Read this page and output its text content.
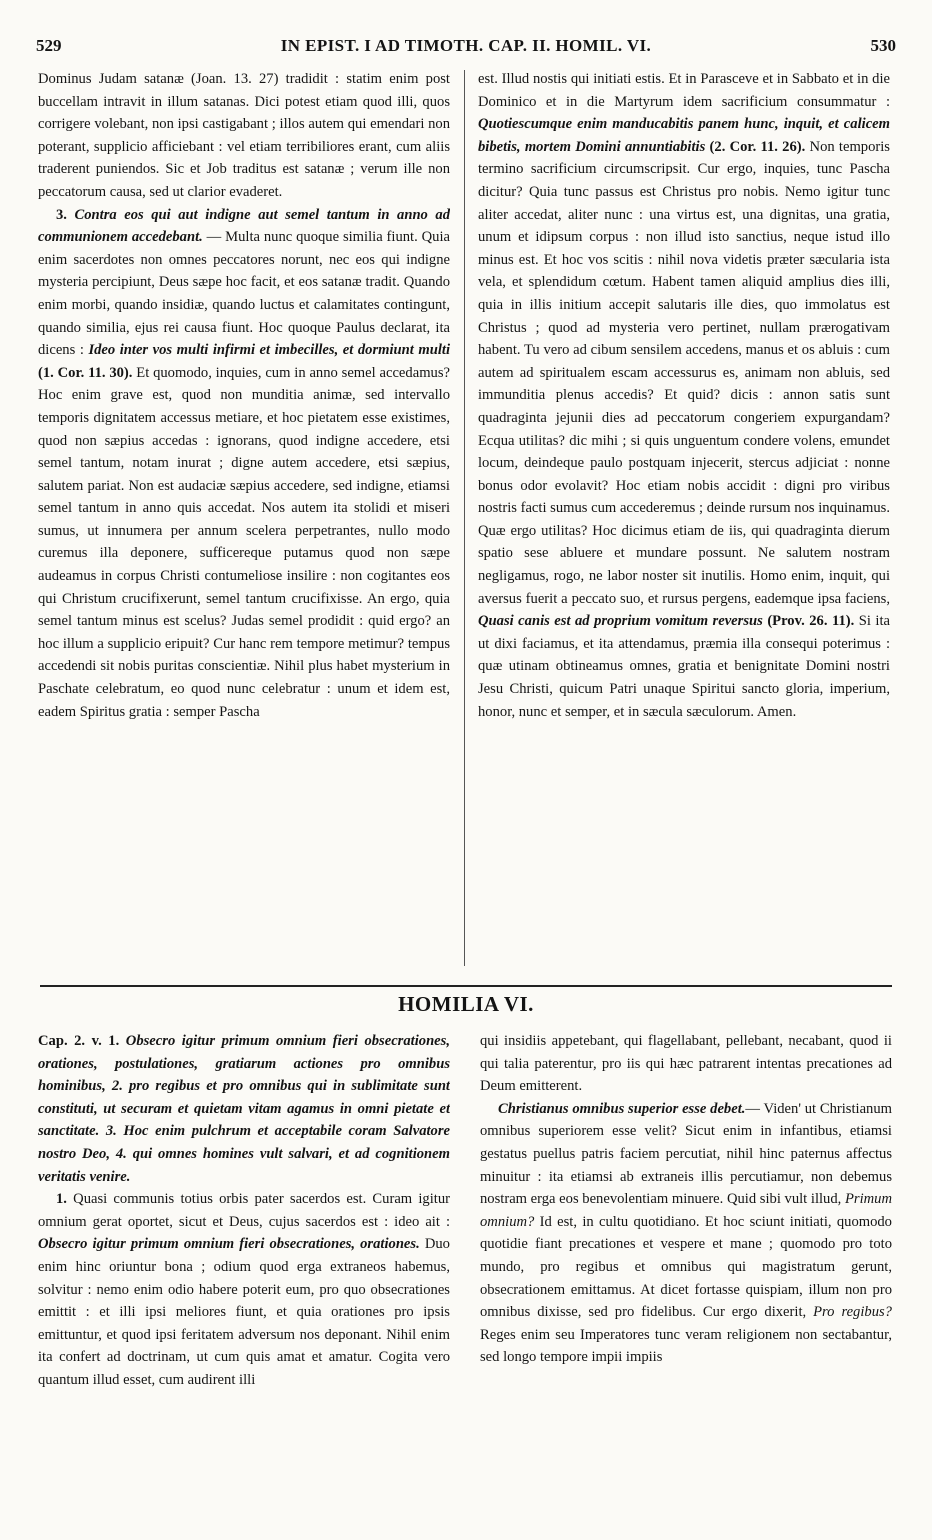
529	IN EPIST. I AD TIMOTH. CAP. II. HOMIL. VI.	530

Dominus Judam satanæ (Joan. 13. 27) tradidit : statim enim post buccellam intravit in illum satanas. Dici potest etiam quod illi, quos corrigere volebant, non ipsi castigabant ; illos autem qui emendari non poterant, supplicio afficiebant : vel etiam terribiliores erant, cum aliis traderent puniendos. Sic et Job traditus est satanæ ; verum ille non peccatorum causa, sed ut clarior evaderet.

3. Contra eos qui aut indigne aut semel tantum in anno ad communionem accedebant. — Multa nunc quoque similia fiunt. Quia enim sacerdotes non omnes peccatores norunt, nec eos qui indigne mysteria percipiunt, Deus sæpe hoc facit, et eos satanæ tradit. Quando enim morbi, quando insidiæ, quando luctus et calamitates contingunt, quando similia, ejus rei causa fiunt. Hoc quoque Paulus declarat, ita dicens : Ideo inter vos multi infirmi et imbecilles, et dormiunt multi (1. Cor. 11. 30). Et quomodo, inquies, cum in anno semel accedamus? Hoc enim grave est, quod non munditia animæ, sed intervallo temporis dignitatem accessus metiare, et hoc pietatem esse existimes, quod non sæpius accedas : ignorans, quod indigne accedere, etsi semel tantum, notam inurat ; digne autem accedere, etsi sæpius, salutem pariat. Non est audaciæ sæpius accedere, sed indigne, etiamsi semel tantum in anno quis accedat. Nos autem ita stolidi et miseri sumus, ut innumera per annum scelera perpetrantes, nullo modo curemus illa deponere, sufficereque putamus quod non sæpe audeamus in corpus Christi contumeliose insilire : non cogitantes eos qui Christum crucifixerunt, semel tantum crucifixisse. An ergo, quia semel tantum minus est scelus? Judas semel prodidit : quid ergo? an hoc illum a supplicio eripuit? Cur hanc rem tempore metimur? tempus accedendi sit nobis puritas conscientiæ. Nihil plus habet mysterium in Paschate celebratum, eo quod nunc celebratur : unum et idem est, eadem Spiritus gratia : semper Pascha

est. Illud nostis qui initiati estis. Et in Parasceve et in Sabbato et in die Dominico et in die Martyrum idem sacrificium consummatur : Quotiescumque enim manducabitis panem hunc, inquit, et calicem bibetis, mortem Domini annuntiabitis (2. Cor. 11. 26). Non temporis termino sacrificium circumscripsit. Cur ergo, inquies, tunc Pascha dicitur? Quia tunc passus est Christus pro nobis. Nemo igitur tunc aliter accedat, aliter nunc : una virtus est, una dignitas, una gratia, unum et idipsum corpus : non illud isto sanctius, neque istud illo minus est. Et hoc vos scitis : nihil nova videtis præter sæcularia ista vela, et splendidum cœtum. Habent tamen aliquid amplius dies illi, quia in illis initium accepit salutaris ille dies, quo immolatus est Christus ; quod ad mysteria vero pertinet, nullam prærogativam habent. Tu vero ad cibum sensilem accedens, manus et os abluis : cum autem ad spiritualem escam accessurus es, animam non abluis, sed immunditia plenus accedis? Et quid? dicis : annon satis sunt quadraginta jejunii dies ad peccatorum congeriem expurgandam? Ecqua utilitas? dic mihi ; si quis unguentum condere volens, emundet locum, deindeque paulo postquam injecerit, stercus adjiciat : nonne bonus odor evolavit? Hoc etiam nobis accidit : digni pro viribus nostris facti sumus cum accederemus ; deinde rursum nos inquinamus. Quæ ergo utilitas? Hoc dicimus etiam de iis, qui quadraginta dierum spatio sese abluere et mundare possunt. Ne salutem nostram negligamus, rogo, ne labor noster sit inutilis. Homo enim, inquit, qui aversus fuerit a peccato suo, et rursus pergens, eademque ipsa faciens, Quasi canis est ad proprium vomitum reversus (Prov. 26. 11). Si ita ut dixi faciamus, et ita attendamus, præmia illa consequi poterimus : quæ utinam obtineamus omnes, gratia et benignitate Domini nostri Jesu Christi, quicum Patri unaque Spiritui sancto gloria, imperium, honor, nunc et semper, et in sæcula sæculorum. Amen.

HOMILIA VI.

Cap. 2. v. 1. Obsecro igitur primum omnium fieri obsecrationes, orationes, postulationes, gratiarum actiones pro omnibus hominibus, 2. pro regibus et pro omnibus qui in sublimitate sunt constituti, ut securam et quietam vitam agamus in omni pietate et sanctitate. 3. Hoc enim pulchrum et acceptabile coram Salvatore nostro Deo, 4. qui omnes homines vult salvari, et ad cognitionem veritatis venire.

1. Quasi communis totius orbis pater sacerdos est. Curam igitur omnium gerat oportet, sicut et Deus, cujus sacerdos est : ideo ait : Obsecro igitur primum omnium fieri obsecrationes, orationes. Duo enim hinc oriuntur bona ; odium quod erga extraneos habemus, solvitur : nemo enim odio habere poterit eum, pro quo obsecrationes emittit : et illi ipsi meliores fiunt, et quia orationes pro ipsis emittuntur, et quod ipsi feritatem adversum nos deponant. Nihil enim ita confert ad doctrinam, ut cum quis amat et amatur. Cogita vero quantum illud esset, cum audirent illi

qui insidiis appetebant, qui flagellabant, pellebant, necabant, quod ii qui talia paterentur, pro iis qui hæc patrarent intentas precationes ad Deum emitterent.

Christianus omnibus superior esse debet.— Viden' ut Christianum omnibus superiorem esse velit? Sicut enim in infantibus, etiamsi gestatus puellus patris faciem percutiat, nihil hinc paternus affectus minuitur : ita etiamsi ab extraneis illis percutiamur, non debemus nostram erga eos benevolentiam minuere. Quid sibi vult illud, Primum omnium? Id est, in cultu quotidiano. Et hoc sciunt initiati, quomodo quotidie fiant precationes et vespere et mane ; quomodo pro toto mundo, pro regibus et omnibus qui magistratum gerunt, obsecrationem emittamus. At dicet fortasse quispiam, illum non pro omnibus dixisse, sed pro fidelibus. Cur ergo dixerit, Pro regibus? Reges enim seu Imperatores tunc veram religionem non sectabantur, sed longo tempore impii impiis
